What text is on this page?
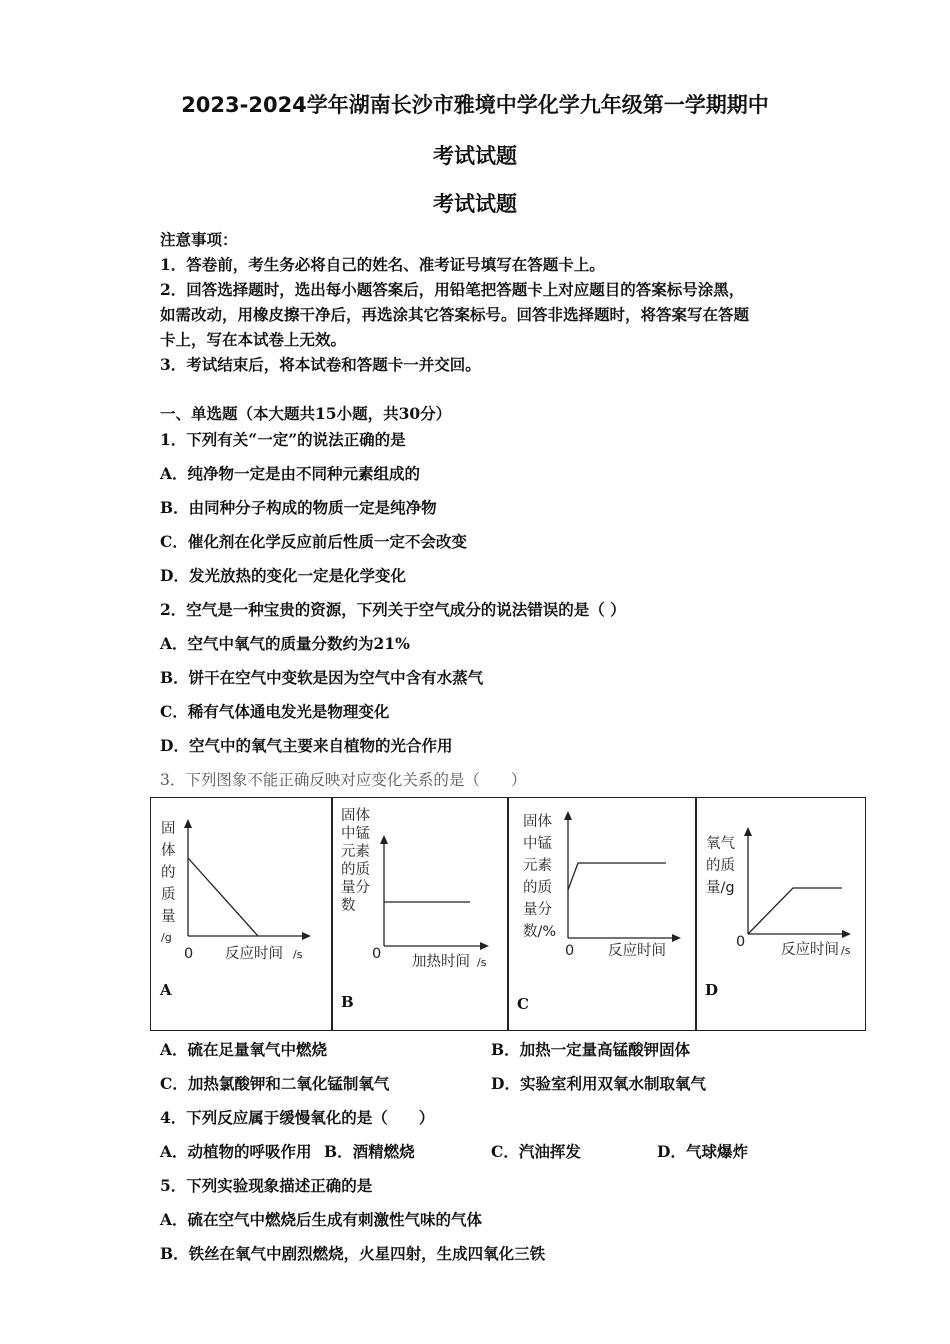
2023-2024学年湖南长沙市雅境中学化学九年级第一学期期中
考试试题
考试试题
注意事项：
1．答卷前，考生务必将自己的姓名、准考证号填写在答题卡上。
2．回答选择题时，选出每小题答案后，用铅笔把答题卡上对应题目的答案标号涂黑，
如需改动，用橡皮擦干净后，再选涂其它答案标号。回答非选择题时，将答案写在答题
卡上，写在本试卷上无效。
3．考试结束后，将本试卷和答题卡一并交回。
一、单选题（本大题共15小题，共30分）
1．下列有关“一定”的说法正确的是
A．纯净物一定是由不同种元素组成的
B．由同种分子构成的物质一定是纯净物
C．催化剂在化学反应前后性质一定不会改变
D．发光放热的变化一定是化学变化
2．空气是一种宝贵的资源，下列关于空气成分的说法错误的是（ ）
A．空气中氧气的质量分数约为21%
B．饼干在空气中变软是因为空气中含有水蒸气
C．稀有气体通电发光是物理变化
D．空气中的氧气主要来自植物的光合作用
3．下列图象不能正确反映对应变化关系的是（　　）
固
体
的
质
量
/g
0 反应时间 /s
A
固体
中锰
元素
的质
量分
数
0 加热时间 /s
B
固体
中锰
元素
的质
量分
数/%
0 反应时间
C
氧气
的质
量/g
0 反应时间 /s
D
A．硫在足量氧气中燃烧	B．加热一定量高锰酸钾固体
C．加热氯酸钾和二氧化锰制氧气	D．实验室利用双氧水制取氧气
4．下列反应属于缓慢氧化的是（　　）
A．动植物的呼吸作用 B．酒精燃烧	C．汽油挥发	D．气球爆炸
5．下列实验现象描述正确的是
A．硫在空气中燃烧后生成有刺激性气味的气体
B．铁丝在氧气中剧烈燃烧，火星四射，生成四氧化三铁
